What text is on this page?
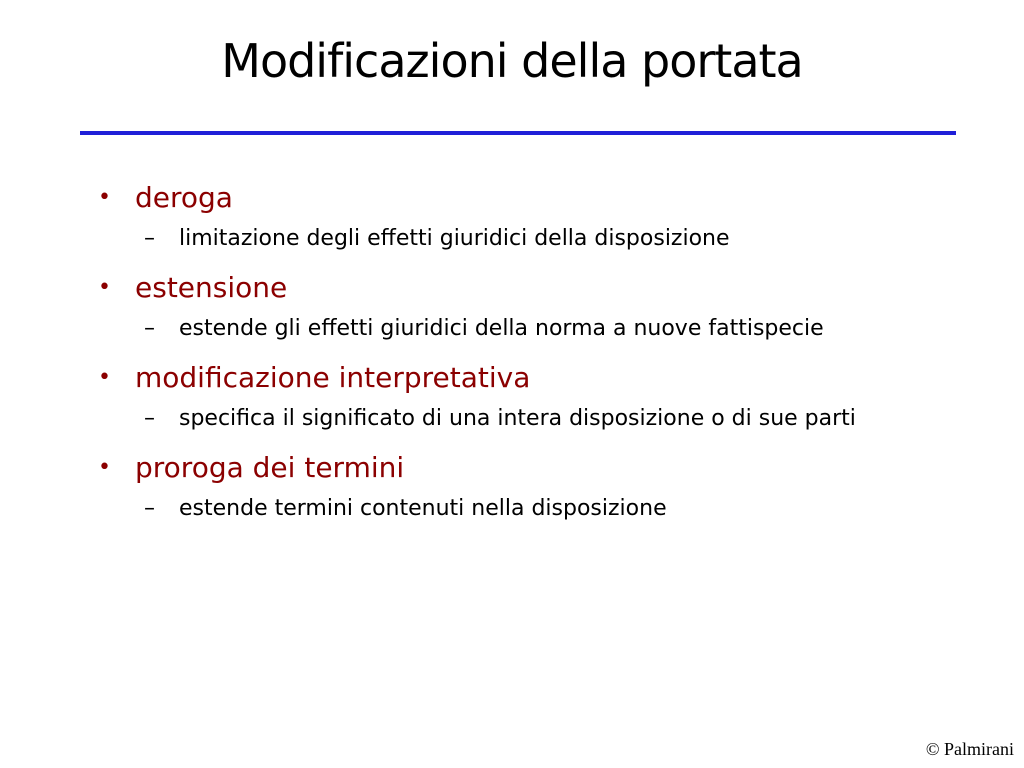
Modificazioni della portata
• deroga
– limitazione degli effetti giuridici della disposizione
• estensione
– estende gli effetti giuridici della norma a nuove fattispecie
• modificazione interpretativa
– specifica il significato di una intera disposizione o di sue parti
• proroga dei termini
– estende termini contenuti nella disposizione
© Palmirani
